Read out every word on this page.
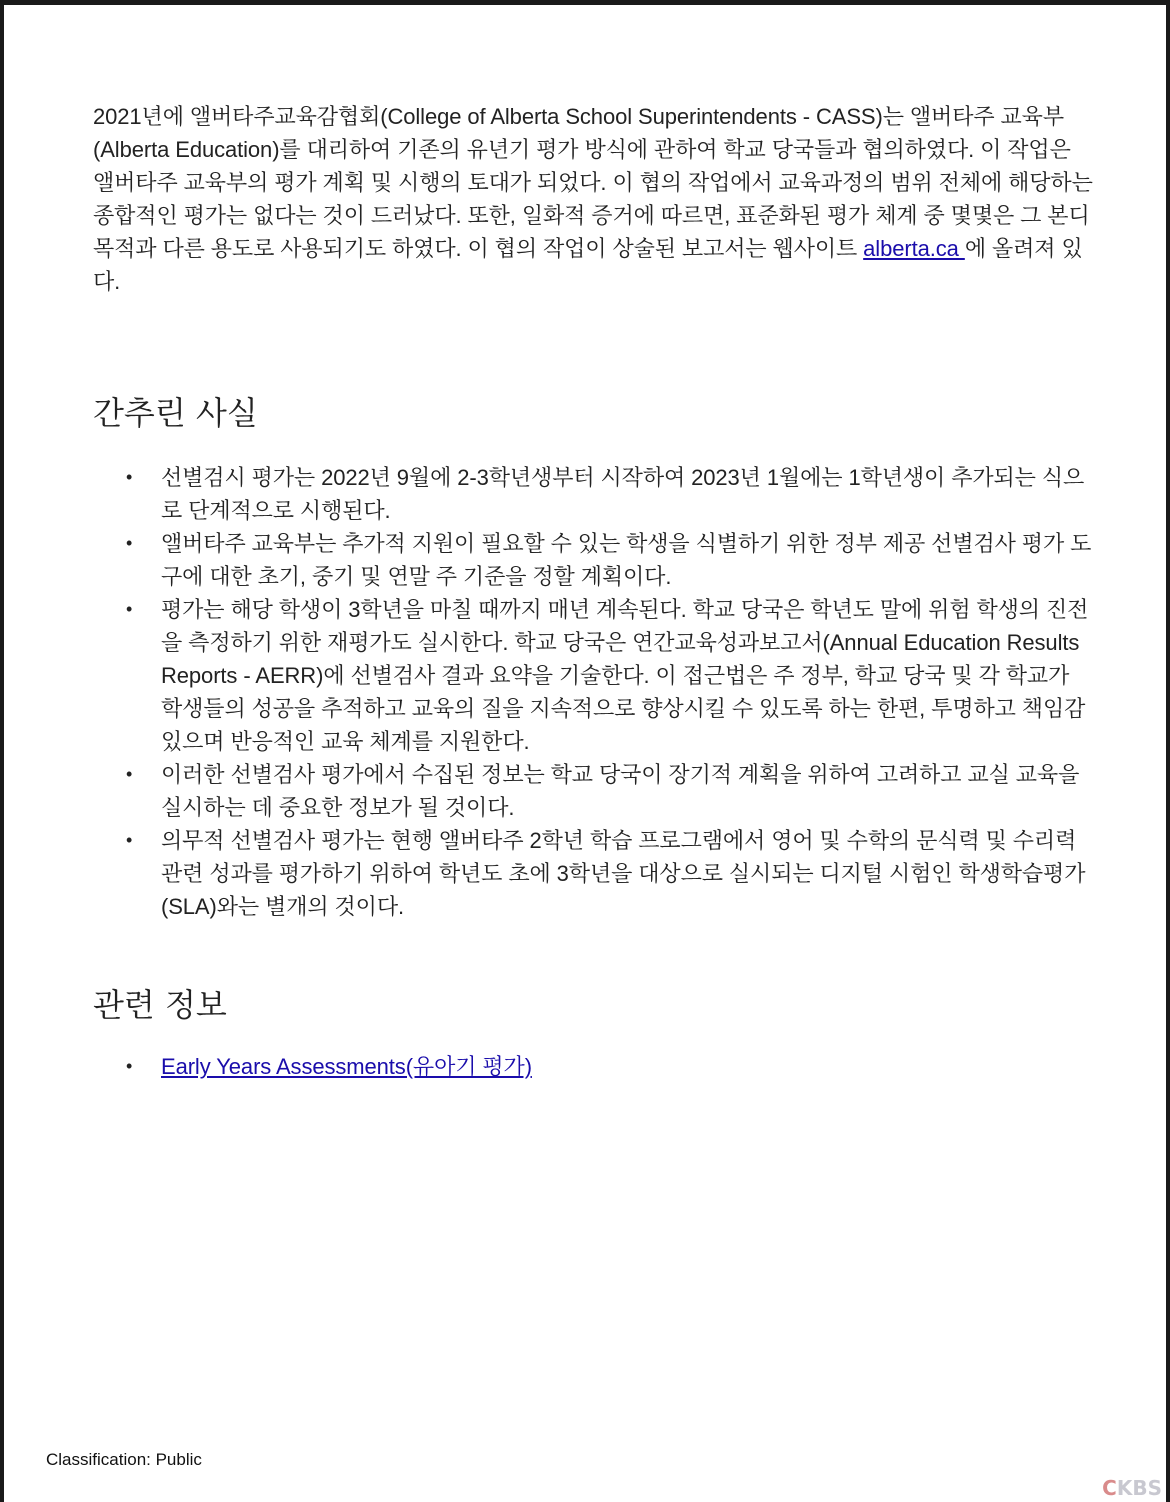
2021년에 앨버타주교육감협회(College of Alberta School Superintendents - CASS)는 앨버타주 교육부(Alberta Education)를 대리하여 기존의 유년기 평가 방식에 관하여 학교 당국들과 협의하였다. 이 작업은 앨버타주 교육부의 평가 계획 및 시행의 토대가 되었다. 이 협의 작업에서 교육과정의 범위 전체에 해당하는 종합적인 평가는 없다는 것이 드러났다. 또한, 일화적 증거에 따르면, 표준화된 평가 체계 중 몇몇은 그 본디 목적과 다른 용도로 사용되기도 하였다. 이 협의 작업이 상술된 보고서는 웹사이트 alberta.ca 에 올려져 있다.

간추린 사실
• 선별검시 평가는 2022년 9월에 2-3학년생부터 시작하여 2023년 1월에는 1학년생이 추가되는 식으로 단계적으로 시행된다.
• 앨버타주 교육부는 추가적 지원이 필요할 수 있는 학생을 식별하기 위한 정부 제공 선별검사 평가 도구에 대한 초기, 중기 및 연말 주 기준을 정할 계획이다.
• 평가는 해당 학생이 3학년을 마칠 때까지 매년 계속된다. 학교 당국은 학년도 말에 위험 학생의 진전을 측정하기 위한 재평가도 실시한다. 학교 당국은 연간교육성과보고서(Annual Education Results Reports - AERR)에 선별검사 결과 요약을 기술한다. 이 접근법은 주 정부, 학교 당국 및 각 학교가 학생들의 성공을 추적하고 교육의 질을 지속적으로 향상시킬 수 있도록 하는 한편, 투명하고 책임감 있으며 반응적인 교육 체계를 지원한다.
• 이러한 선별검사 평가에서 수집된 정보는 학교 당국이 장기적 계획을 위하여 고려하고 교실 교육을 실시하는 데 중요한 정보가 될 것이다.
• 의무적 선별검사 평가는 현행 앨버타주 2학년 학습 프로그램에서 영어 및 수학의 문식력 및 수리력 관련 성과를 평가하기 위하여 학년도 초에 3학년을 대상으로 실시되는 디지털 시험인 학생학습평가(SLA)와는 별개의 것이다.
관련 정보
• Early Years Assessments(유아기 평가)
Classification: Public
CKBS
